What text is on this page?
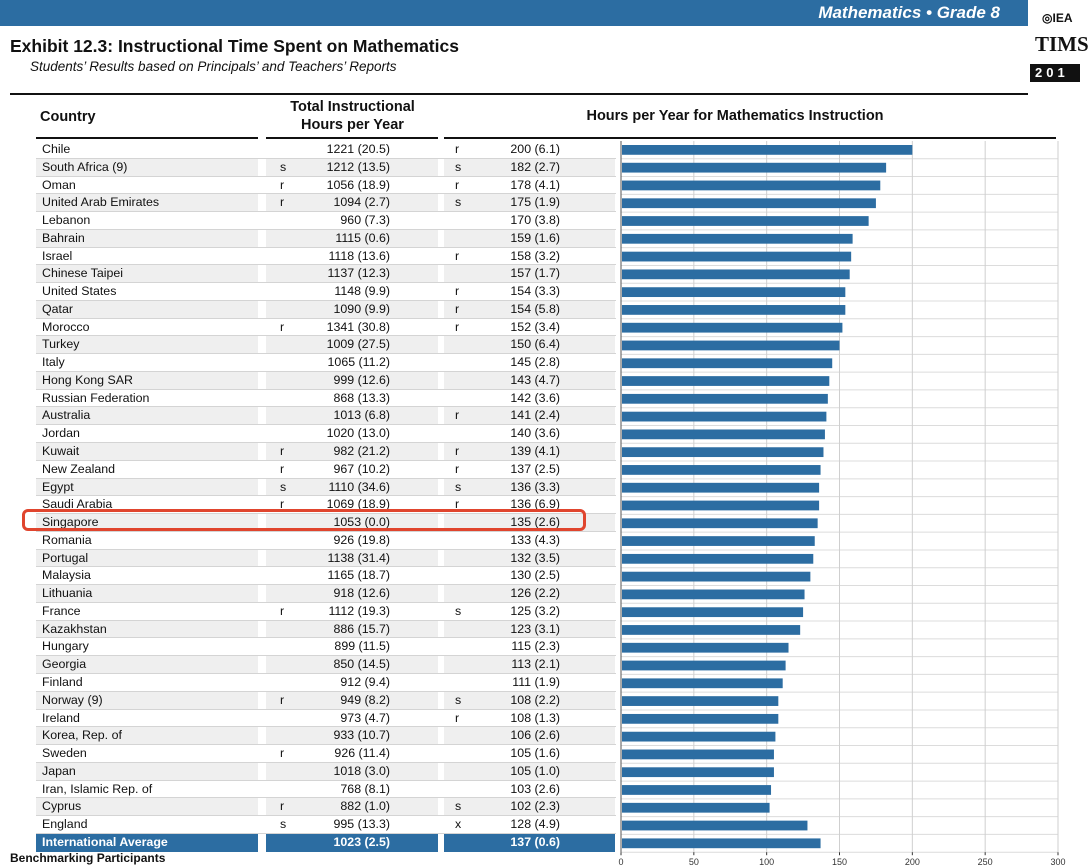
Mathematics • Grade 8	◎IEA
TIMS
201
Exhibit 12.3: Instructional Time Spent on Mathematics
Students’ Results based on Principals’ and Teachers’ Reports
Country
Total Instructional
Hours per Year
Hours per Year for Mathematics Instruction
Chile	1221 (20.5)	r	200 (6.1)
South Africa (9)	s	1212 (13.5)	s	182 (2.7)
Oman	r	1056 (18.9)	r	178 (4.1)
United Arab Emirates	r	1094 (2.7)	s	175 (1.9)
Lebanon	960 (7.3)	170 (3.8)
Bahrain	1115 (0.6)	159 (1.6)
Israel	1118 (13.6)	r	158 (3.2)
Chinese Taipei	1137 (12.3)	157 (1.7)
United States	1148 (9.9)	r	154 (3.3)
Qatar	1090 (9.9)	r	154 (5.8)
Morocco	r	1341 (30.8)	r	152 (3.4)
Turkey	1009 (27.5)	150 (6.4)
Italy	1065 (11.2)	145 (2.8)
Hong Kong SAR	999 (12.6)	143 (4.7)
Russian Federation	868 (13.3)	142 (3.6)
Australia	1013 (6.8)	r	141 (2.4)
Jordan	1020 (13.0)	140 (3.6)
Kuwait	r	982 (21.2)	r	139 (4.1)
New Zealand	r	967 (10.2)	r	137 (2.5)
Egypt	s	1110 (34.6)	s	136 (3.3)
Saudi Arabia	r	1069 (18.9)	r	136 (6.9)
Singapore	1053 (0.0)	135 (2.6)
Romania	926 (19.8)	133 (4.3)
Portugal	1138 (31.4)	132 (3.5)
Malaysia	1165 (18.7)	130 (2.5)
Lithuania	918 (12.6)	126 (2.2)
France	r	1112 (19.3)	s	125 (3.2)
Kazakhstan	886 (15.7)	123 (3.1)
Hungary	899 (11.5)	115 (2.3)
Georgia	850 (14.5)	113 (2.1)
Finland	912 (9.4)	111 (1.9)
Norway (9)	r	949 (8.2)	s	108 (2.2)
Ireland	973 (4.7)	r	108 (1.3)
Korea, Rep. of	933 (10.7)	106 (2.6)
Sweden	r	926 (11.4)	105 (1.6)
Japan	1018 (3.0)	105 (1.0)
Iran, Islamic Rep. of	768 (8.1)	103 (2.6)
Cyprus	r	882 (1.0)	s	102 (2.3)
England	s	995 (13.3)	x	128 (4.9)
International Average	1023 (2.5)	137 (0.6)
0	50	100	150	200	250	300
Benchmarking Participants
